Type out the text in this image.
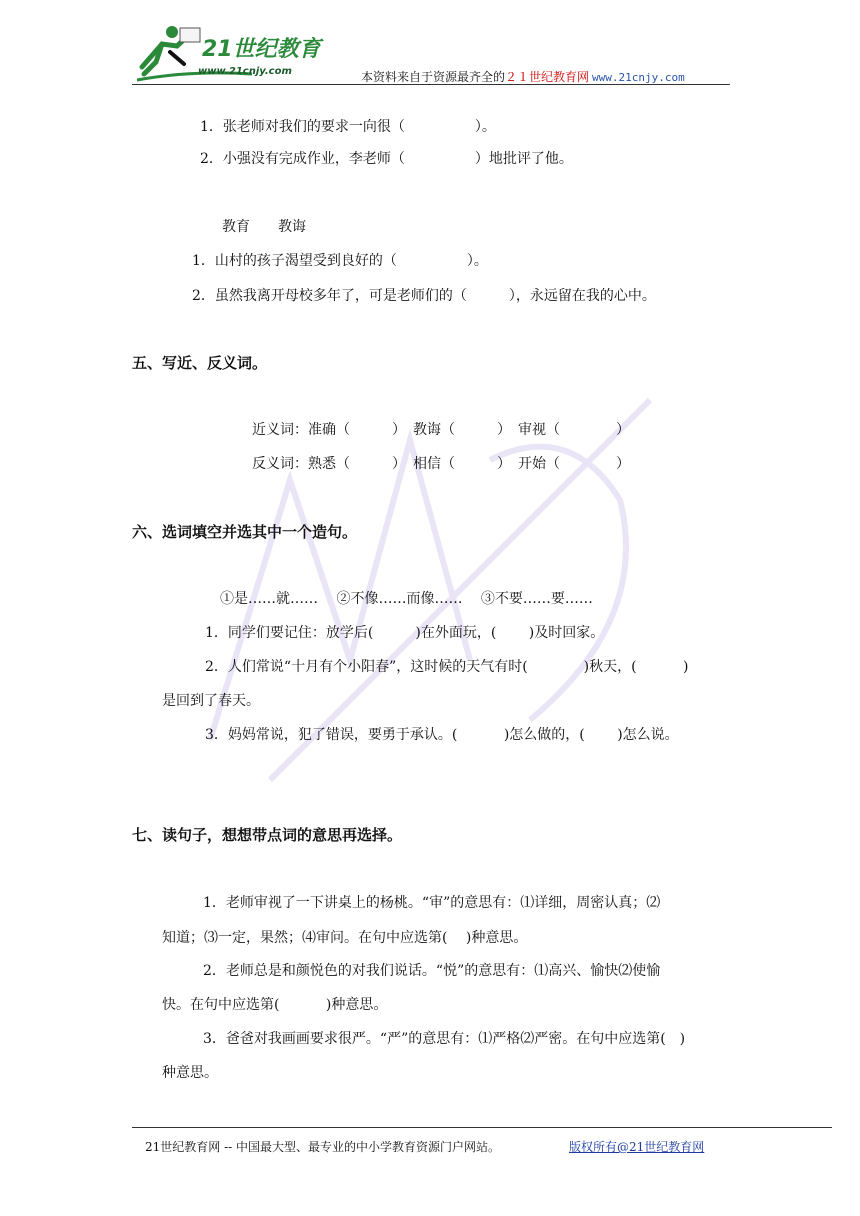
21世纪教育
www.21cnjy.com	本资料来自于资源最齐全的２１世纪教育网 www.21cnjy.com
1．张老师对我们的要求一向很（　　　　　）。
2．小强没有完成作业，李老师（　　　　　）地批评了他。
教育　　教诲
1．山村的孩子渴望受到良好的（　　　　　）。
2．虽然我离开母校多年了，可是老师们的（　　　），永远留在我的心中。
五、写近、反义词。
近义词：准确（　　　）　教诲（　　　）　审视（　　　　）
反义词：熟悉（　　　）　相信（　　　）　开始（　　　　）
六、选词填空并选其中一个造句。
①是……就……　 ②不像……而像……　 ③不要……要……
1．同学们要记住：放学后(　　　)在外面玩，(　　 )及时回家。
2．人们常说“十月有个小阳春”，这时候的天气有时(　　　　)秋天，(　　　 )
是回到了春天。
3．妈妈常说，犯了错误，要勇于承认。(　　　 )怎么做的，(　　 )怎么说。
七、读句子，想想带点词的意思再选择。
1．老师审视了一下讲桌上的杨桃。“审”的意思有：⑴详细，周密认真；⑵
知道；⑶一定，果然；⑷审问。在句中应选第(　 )种意思。
2．老师总是和颜悦色的对我们说话。“悦”的意思有：⑴高兴、愉快⑵使愉
快。在句中应选第(　　　 )种意思。
3．爸爸对我画画要求很严。“严”的意思有：⑴严格⑵严密。在句中应选第(　)
种意思。
21世纪教育网 -- 中国最大型、最专业的中小学教育资源门户网站。	版权所有@21世纪教育网
